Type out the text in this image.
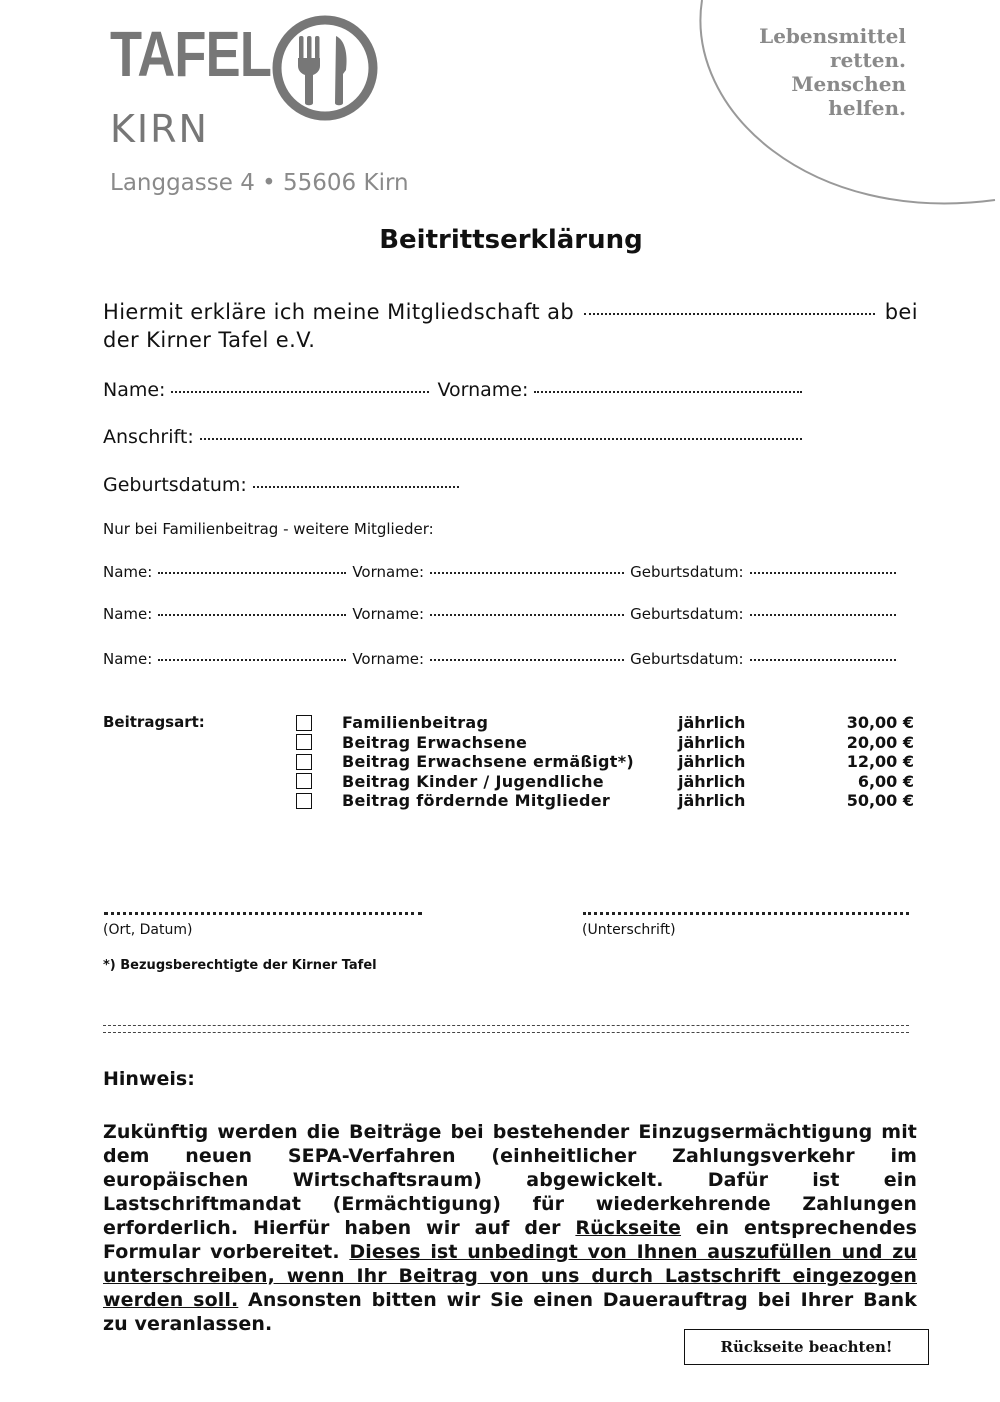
TAFEL
KIRN
Langgasse 4 • 55606 Kirn
Lebensmittel
retten.
Menschen
helfen.
Beitrittserklärung
Hiermit erkläre ich meine Mitgliedschaft ab	bei
der Kirner Tafel e.V.
Name:	Vorname:
Anschrift:
Geburtsdatum:
Nur bei Familienbeitrag - weitere Mitglieder:
Name:	Vorname:	Geburtsdatum:
Name:	Vorname:	Geburtsdatum:
Name:	Vorname:	Geburtsdatum:
Beitragsart:	Familienbeitrag	jährlich	30,00 €
Beitrag Erwachsene	jährlich	20,00 €
Beitrag Erwachsene ermäßigt*)	jährlich	12,00 €
Beitrag Kinder / Jugendliche	jährlich	6,00 €
Beitrag fördernde Mitglieder	jährlich	50,00 €
(Ort, Datum)	(Unterschrift)
*) Bezugsberechtigte der Kirner Tafel
Hinweis:
Zukünftig werden die Beiträge bei bestehender Einzugsermächtigung mit dem neuen SEPA-Verfahren (einheitlicher Zahlungsverkehr im europäischen Wirtschaftsraum) abgewickelt. Dafür ist ein Lastschriftmandat (Ermächtigung) für wiederkehrende Zahlungen erforderlich. Hierfür haben wir auf der Rückseite ein entsprechendes Formular vorbereitet. Dieses ist unbedingt von Ihnen auszufüllen und zu unterschreiben, wenn Ihr Beitrag von uns durch Lastschrift eingezogen werden soll. Ansonsten bitten wir Sie einen Dauerauftrag bei Ihrer Bank zu veranlassen.
Rückseite beachten!
